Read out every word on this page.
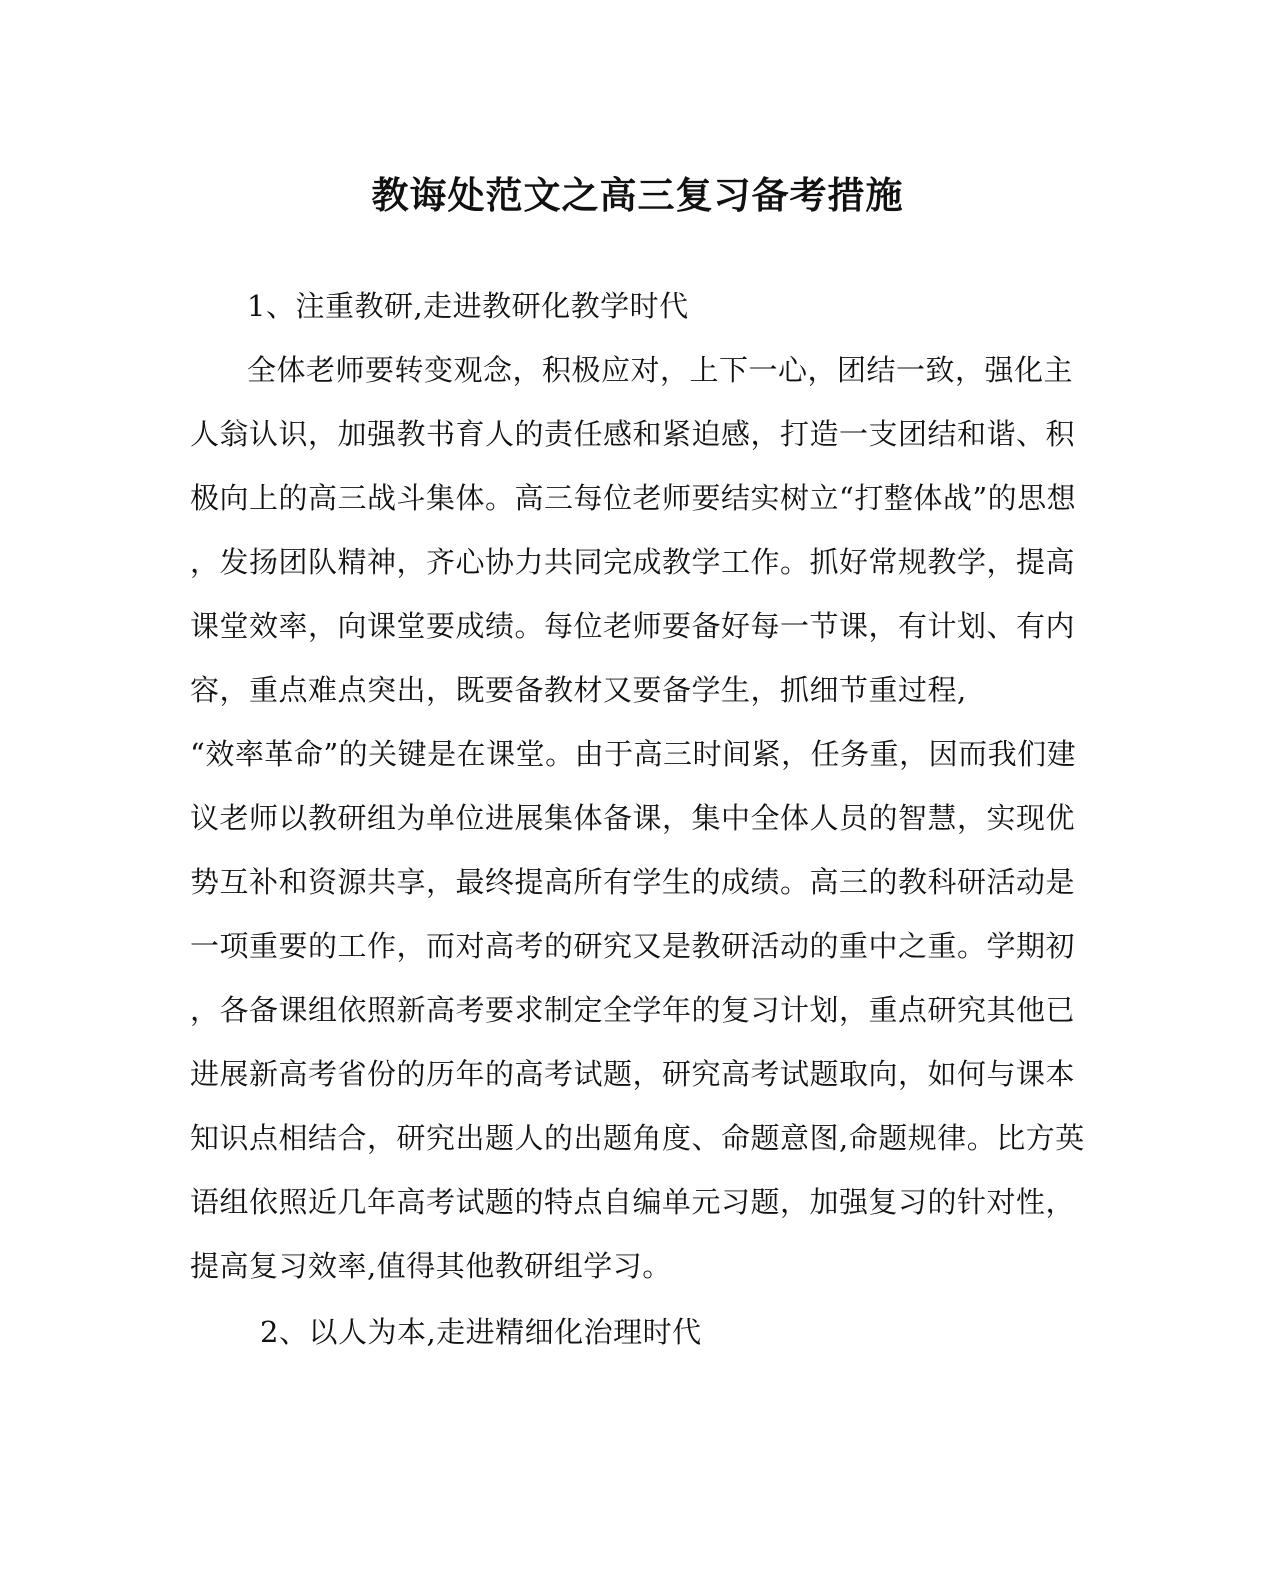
教诲处范文之高三复习备考措施
1、注重教研,走进教研化教学时代
全体老师要转变观念，积极应对，上下一心，团结一致，强化主
人翁认识，加强教书育人的责任感和紧迫感，打造一支团结和谐、积
极向上的高三战斗集体。高三每位老师要结实树立“打整体战”的思想
，发扬团队精神，齐心协力共同完成教学工作。抓好常规教学，提高
课堂效率，向课堂要成绩。每位老师要备好每一节课，有计划、有内
容，重点难点突出，既要备教材又要备学生，抓细节重过程,
“效率革命”的关键是在课堂。由于高三时间紧，任务重，因而我们建
议老师以教研组为单位进展集体备课，集中全体人员的智慧，实现优
势互补和资源共享，最终提高所有学生的成绩。高三的教科研活动是
一项重要的工作，而对高考的研究又是教研活动的重中之重。学期初
，各备课组依照新高考要求制定全学年的复习计划，重点研究其他已
进展新高考省份的历年的高考试题，研究高考试题取向，如何与课本
知识点相结合，研究出题人的出题角度、命题意图,命题规律。比方英
语组依照近几年高考试题的特点自编单元习题，加强复习的针对性，
提高复习效率,值得其他教研组学习。
2、以人为本,走进精细化治理时代
